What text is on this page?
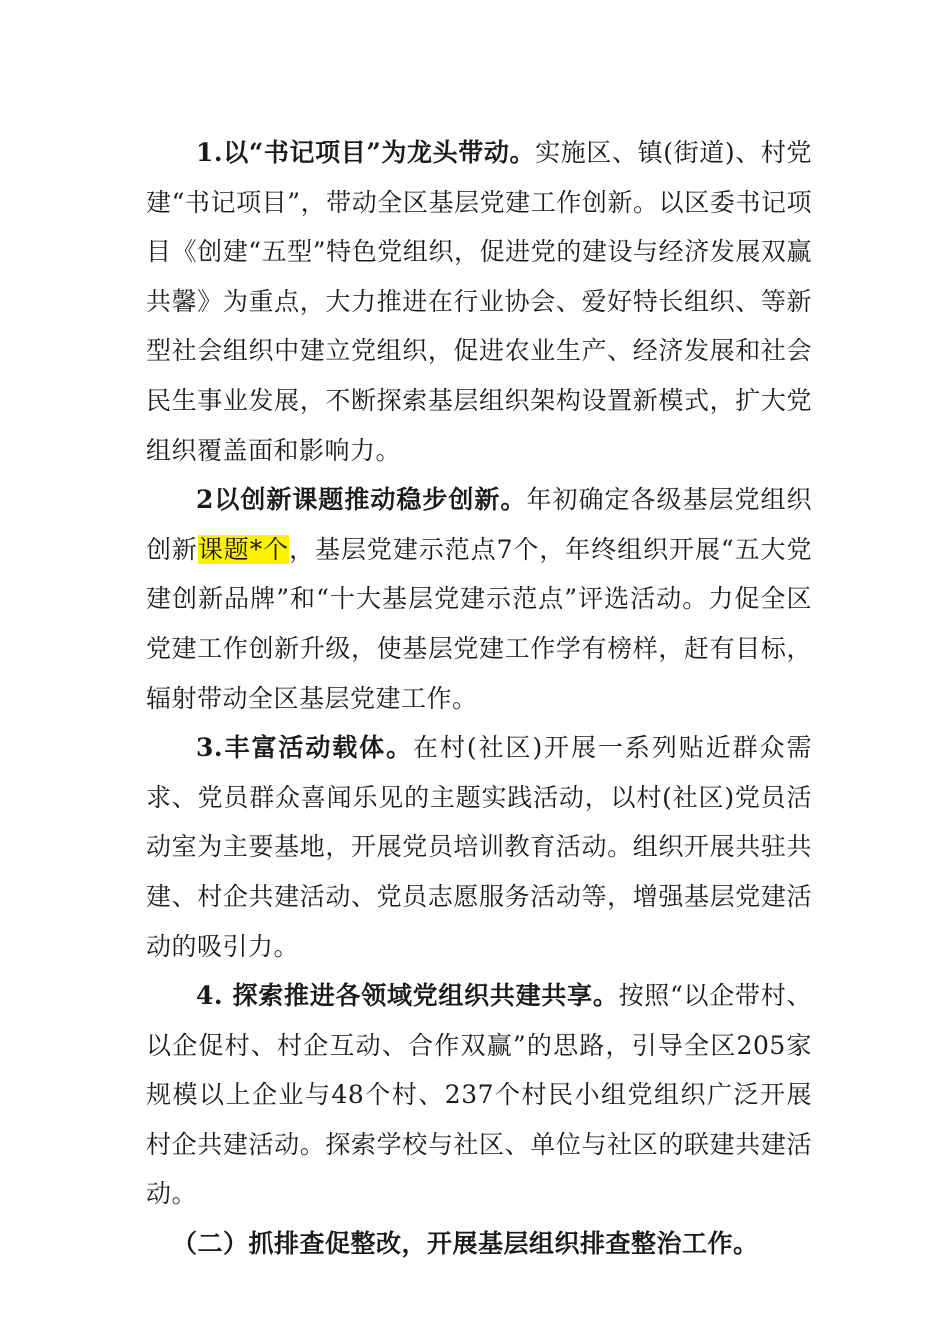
1.以“书记项目”为龙头带动。实施区、镇(街道)、村党建“书记项目”，带动全区基层党建工作创新。以区委书记项目《创建“五型”特色党组织，促进党的建设与经济发展双赢共馨》为重点，大力推进在行业协会、爱好特长组织、等新型社会组织中建立党组织，促进农业生产、经济发展和社会民生事业发展，不断探索基层组织架构设置新模式，扩大党组织覆盖面和影响力。

2以创新课题推动稳步创新。年初确定各级基层党组织创新课题*个，基层党建示范点7个，年终组织开展“五大党建创新品牌”和“十大基层党建示范点”评选活动。力促全区党建工作创新升级，使基层党建工作学有榜样，赶有目标，辐射带动全区基层党建工作。

3.丰富活动载体。在村(社区)开展一系列贴近群众需求、党员群众喜闻乐见的主题实践活动，以村(社区)党员活动室为主要基地，开展党员培训教育活动。组织开展共驻共建、村企共建活动、党员志愿服务活动等，增强基层党建活动的吸引力。

4. 探索推进各领域党组织共建共享。按照“以企带村、以企促村、村企互动、合作双赢”的思路，引导全区205家规模以上企业与48个村、237个村民小组党组织广泛开展村企共建活动。探索学校与社区、单位与社区的联建共建活动。

（二）抓排查促整改，开展基层组织排查整治工作。
